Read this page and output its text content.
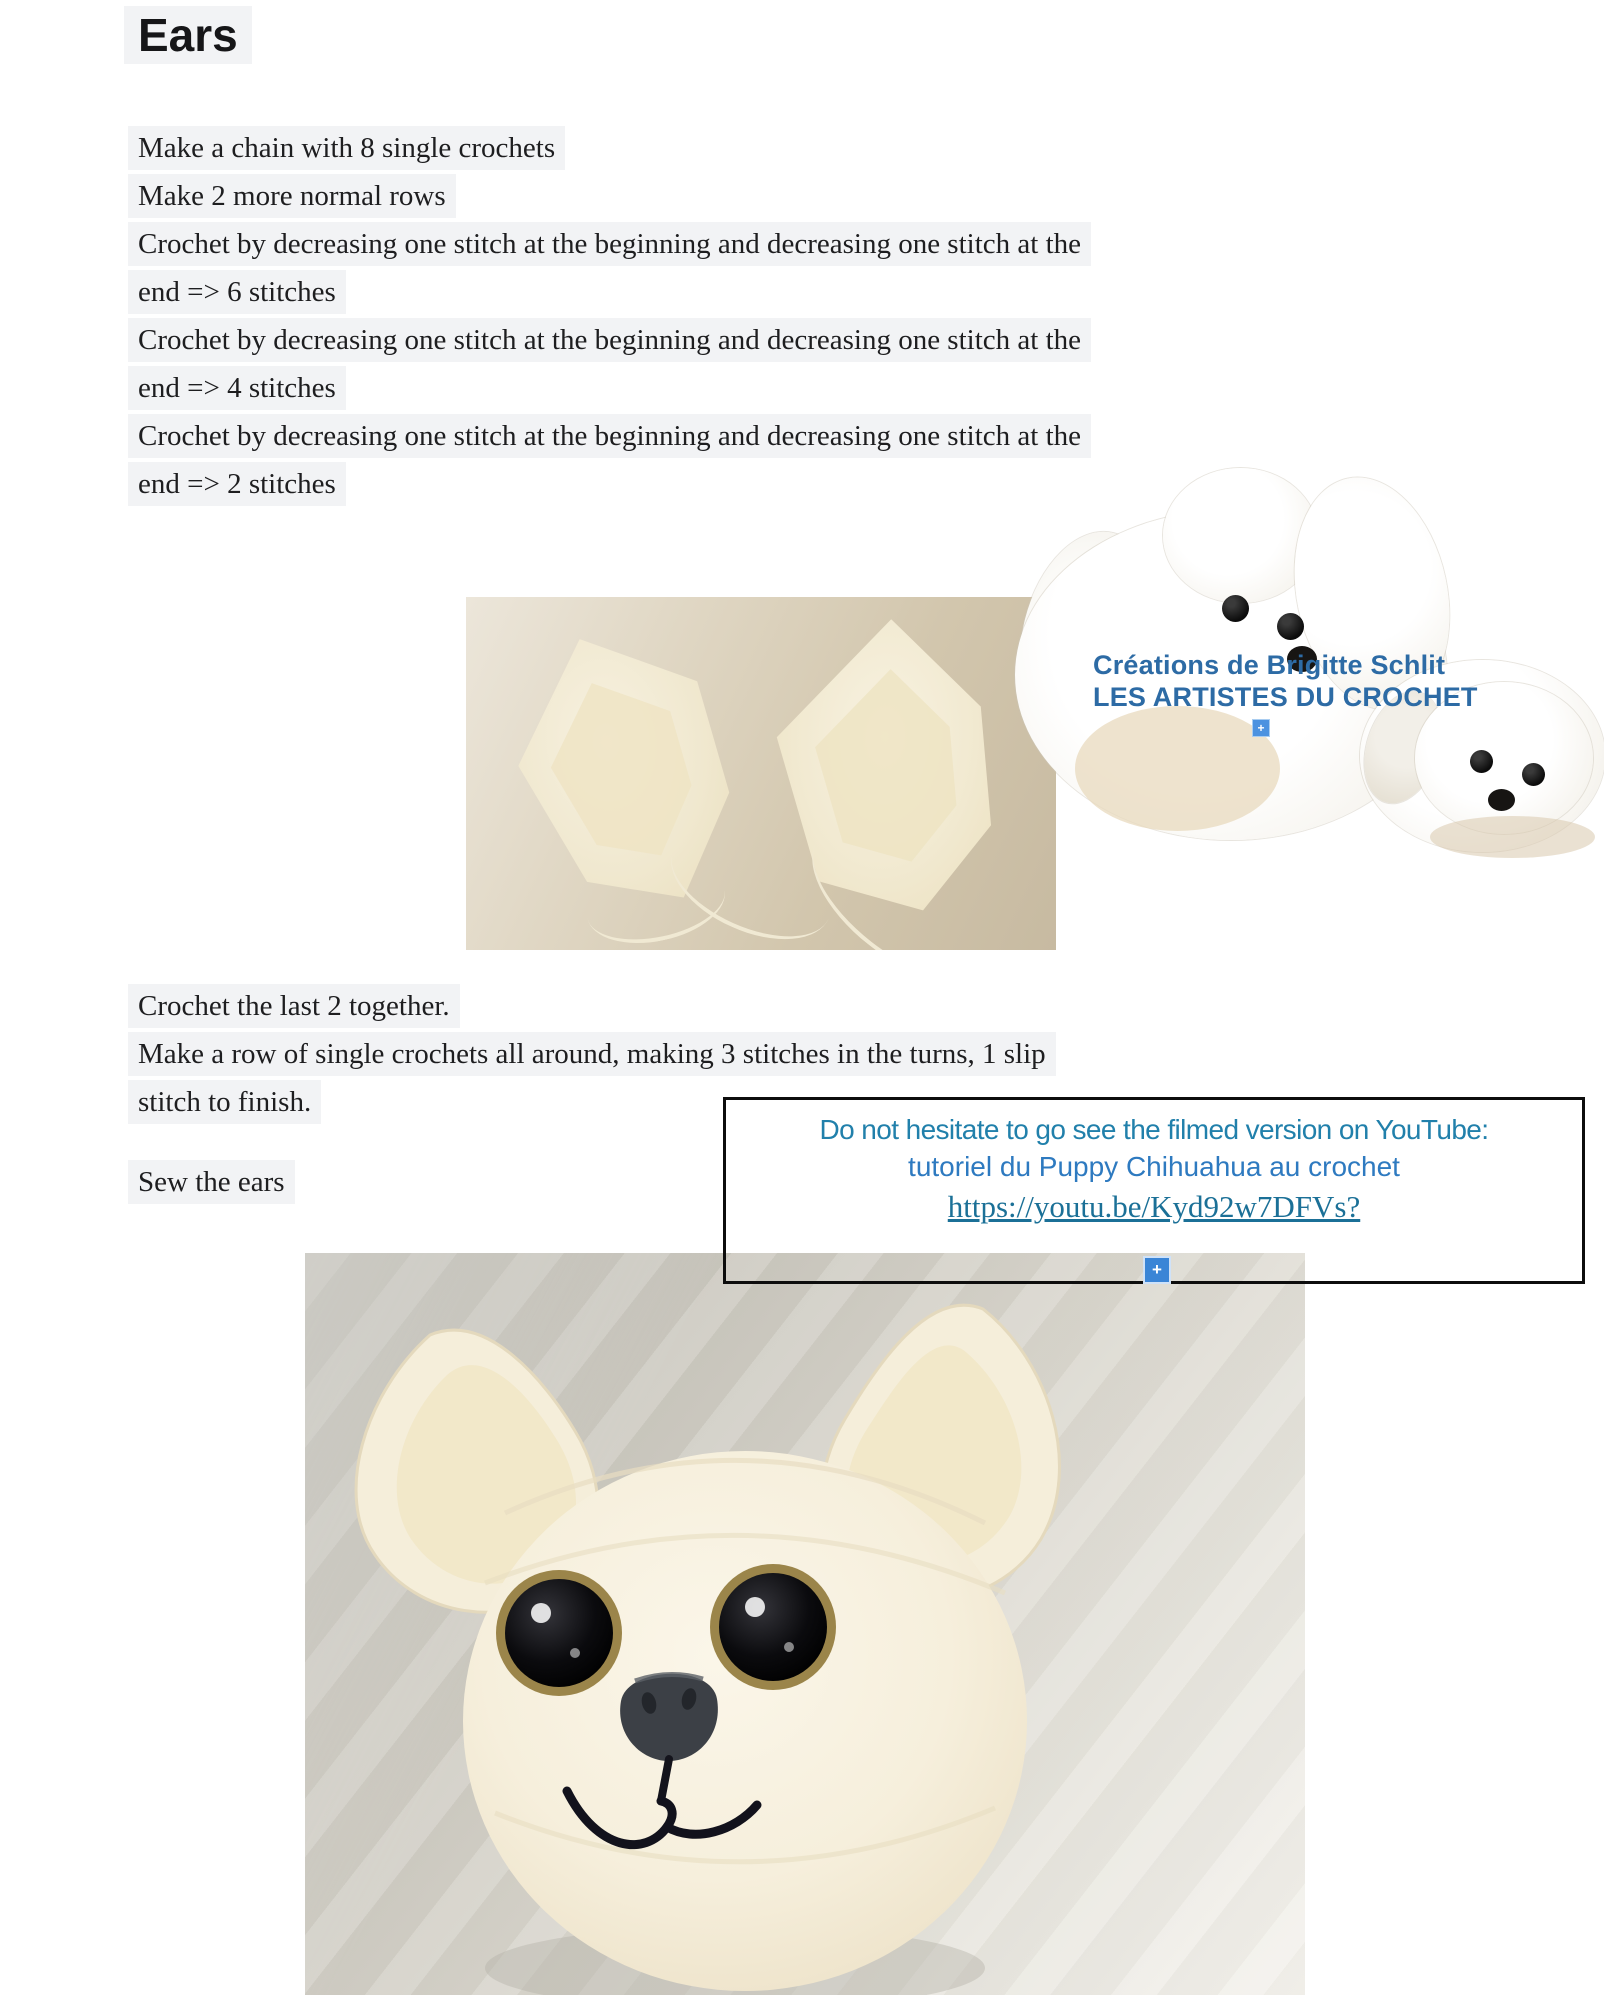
Ears
Make a chain with 8 single crochets
Make 2 more normal rows
Crochet by decreasing one stitch at the beginning and decreasing one stitch at the
end => 6 stitches
Crochet by decreasing one stitch at the beginning and decreasing one stitch at the
end => 4 stitches
Crochet by decreasing one stitch at the beginning and decreasing one stitch at the
end => 2 stitches
Créations de Brigitte Schlit
LES ARTISTES DU CROCHET
+
Crochet the last 2 together.
Make a row of single crochets all around, making 3 stitches in the turns, 1 slip
stitch to finish.
Sew the ears
Do not hesitate to go see the filmed version on YouTube:
tutoriel du Puppy Chihuahua au crochet
https://youtu.be/Kyd92w7DFVs?
+
